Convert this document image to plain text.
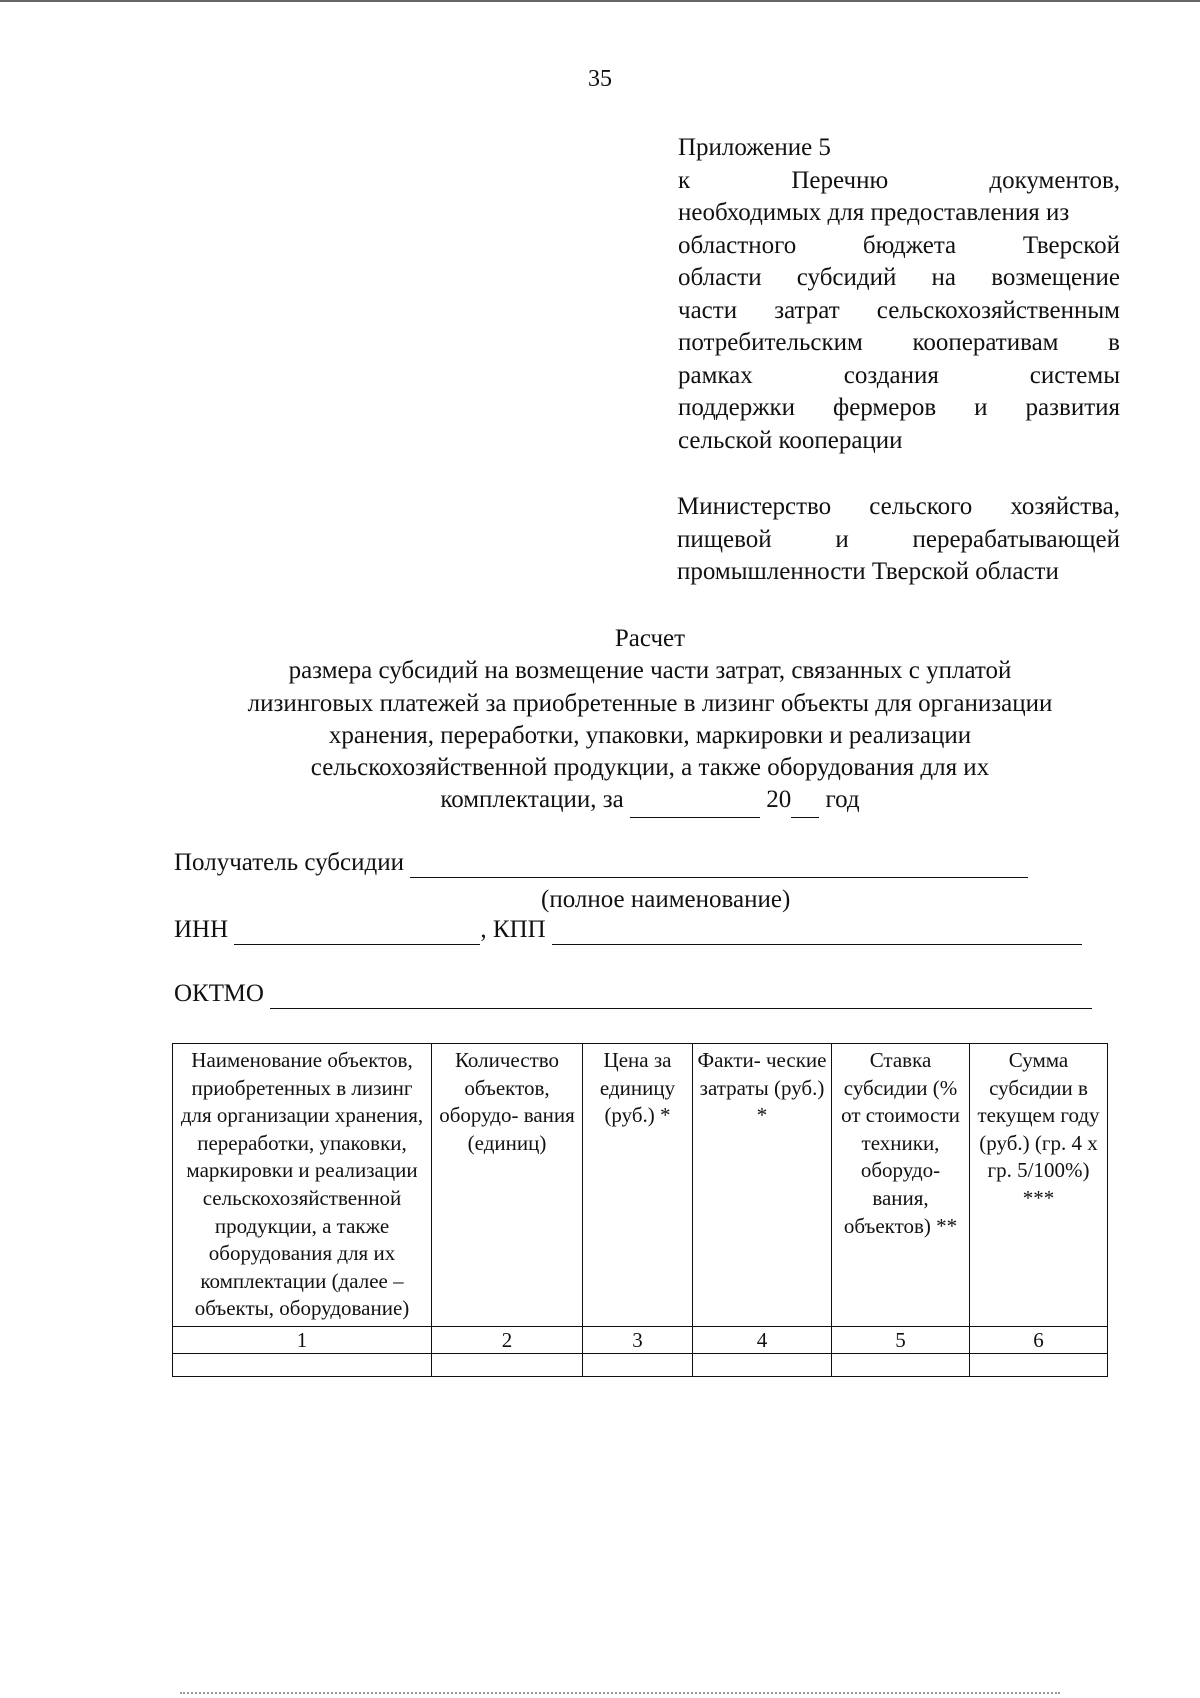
35
Приложение 5
к Перечню документов,
необходимых для предоставления из
областного бюджета Тверской
области субсидий на возмещение
части затрат сельскохозяйственным
потребительским кооперативам в
рамках создания системы
поддержки фермеров и развития
сельской кооперации
Министерство сельского хозяйства,
пищевой и перерабатывающей
промышленности Тверской области
Расчет
размера субсидий на возмещение части затрат, связанных с уплатой
лизинговых платежей за приобретенные в лизинг объекты для организации
хранения, переработки, упаковки, маркировки и реализации
сельскохозяйственной продукции, а также оборудования для их
комплектации, за	20 год
Получатель субсидии
(полное наименование)
ИНН	, КПП
ОКТМО
Наименование объектов, приобретенных в лизинг для организации хранения, переработки, упаковки, маркировки и реализации сельскохозяйственной продукции, а также оборудования для их комплектации (далее – объекты, оборудование)	Количество объектов, оборудо- вания (единиц)	Цена за единицу (руб.) *	Факти- ческие затраты (руб.) *	Ставка субсидии (% от стоимости техники, оборудо- вания, объектов) **	Сумма субсидии в текущем году (руб.) (гр. 4 х гр. 5/100%) ***
1	2	3	4	5	6
